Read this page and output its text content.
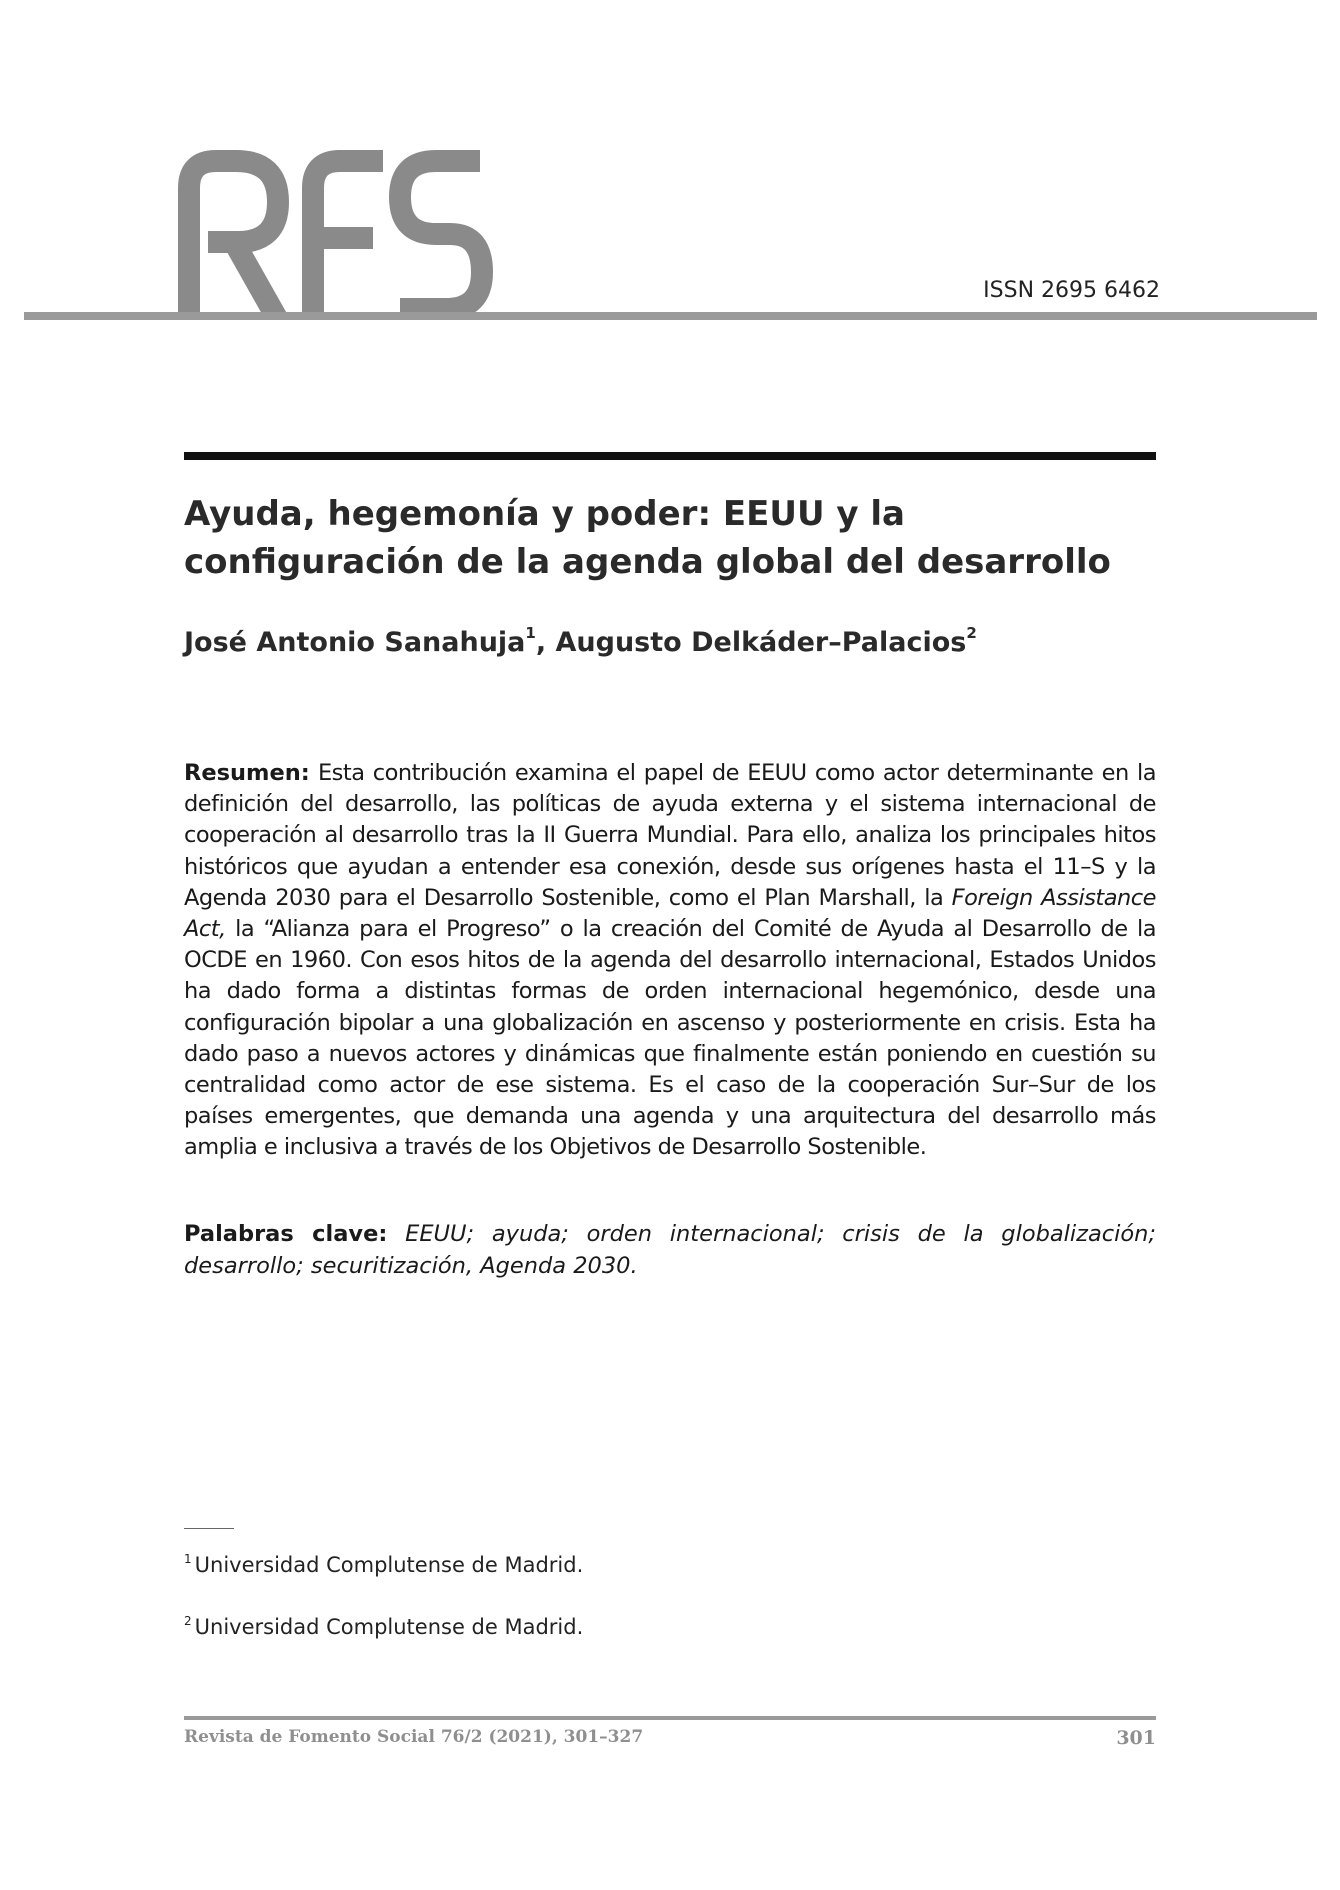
ISSN 2695 6462
Ayuda, hegemonía y poder: EEUU y la configuración de la agenda global del desarrollo
José Antonio Sanahuja$^1$, Augusto Delkáder–Palacios$^2$

Resumen: Esta contribución examina el papel de EEUU como actor determinante en la definición del desarrollo, las políticas de ayuda externa y el sistema internacional de cooperación al desarrollo tras la II Guerra Mundial. Para ello, analiza los principales hitos históricos que ayudan a entender esa conexión, desde sus orígenes hasta el 11–S y la Agenda 2030 para el Desarrollo Sostenible, como el Plan Marshall, la Foreign Assistance Act, la “Alianza para el Progreso” o la creación del Comité de Ayuda al Desarrollo de la OCDE en 1960. Con esos hitos de la agenda del desarrollo internacional, Estados Unidos ha dado forma a distintas formas de orden internacional hegemónico, desde una configuración bipolar a una globalización en ascenso y posteriormente en crisis. Esta ha dado paso a nuevos actores y dinámicas que finalmente están poniendo en cuestión su centralidad como actor de ese sistema. Es el caso de la cooperación Sur–Sur de los países emergentes, que demanda una agenda y una arquitectura del desarrollo más amplia e inclusiva a través de los Objetivos de Desarrollo Sostenible.

Palabras clave: EEUU; ayuda; orden internacional; crisis de la globalización; desarrollo; securitización, Agenda 2030.

$^1$ Universidad Complutense de Madrid.
$^2$ Universidad Complutense de Madrid.
Revista de Fomento Social 76/2 (2021), 301–327	301
